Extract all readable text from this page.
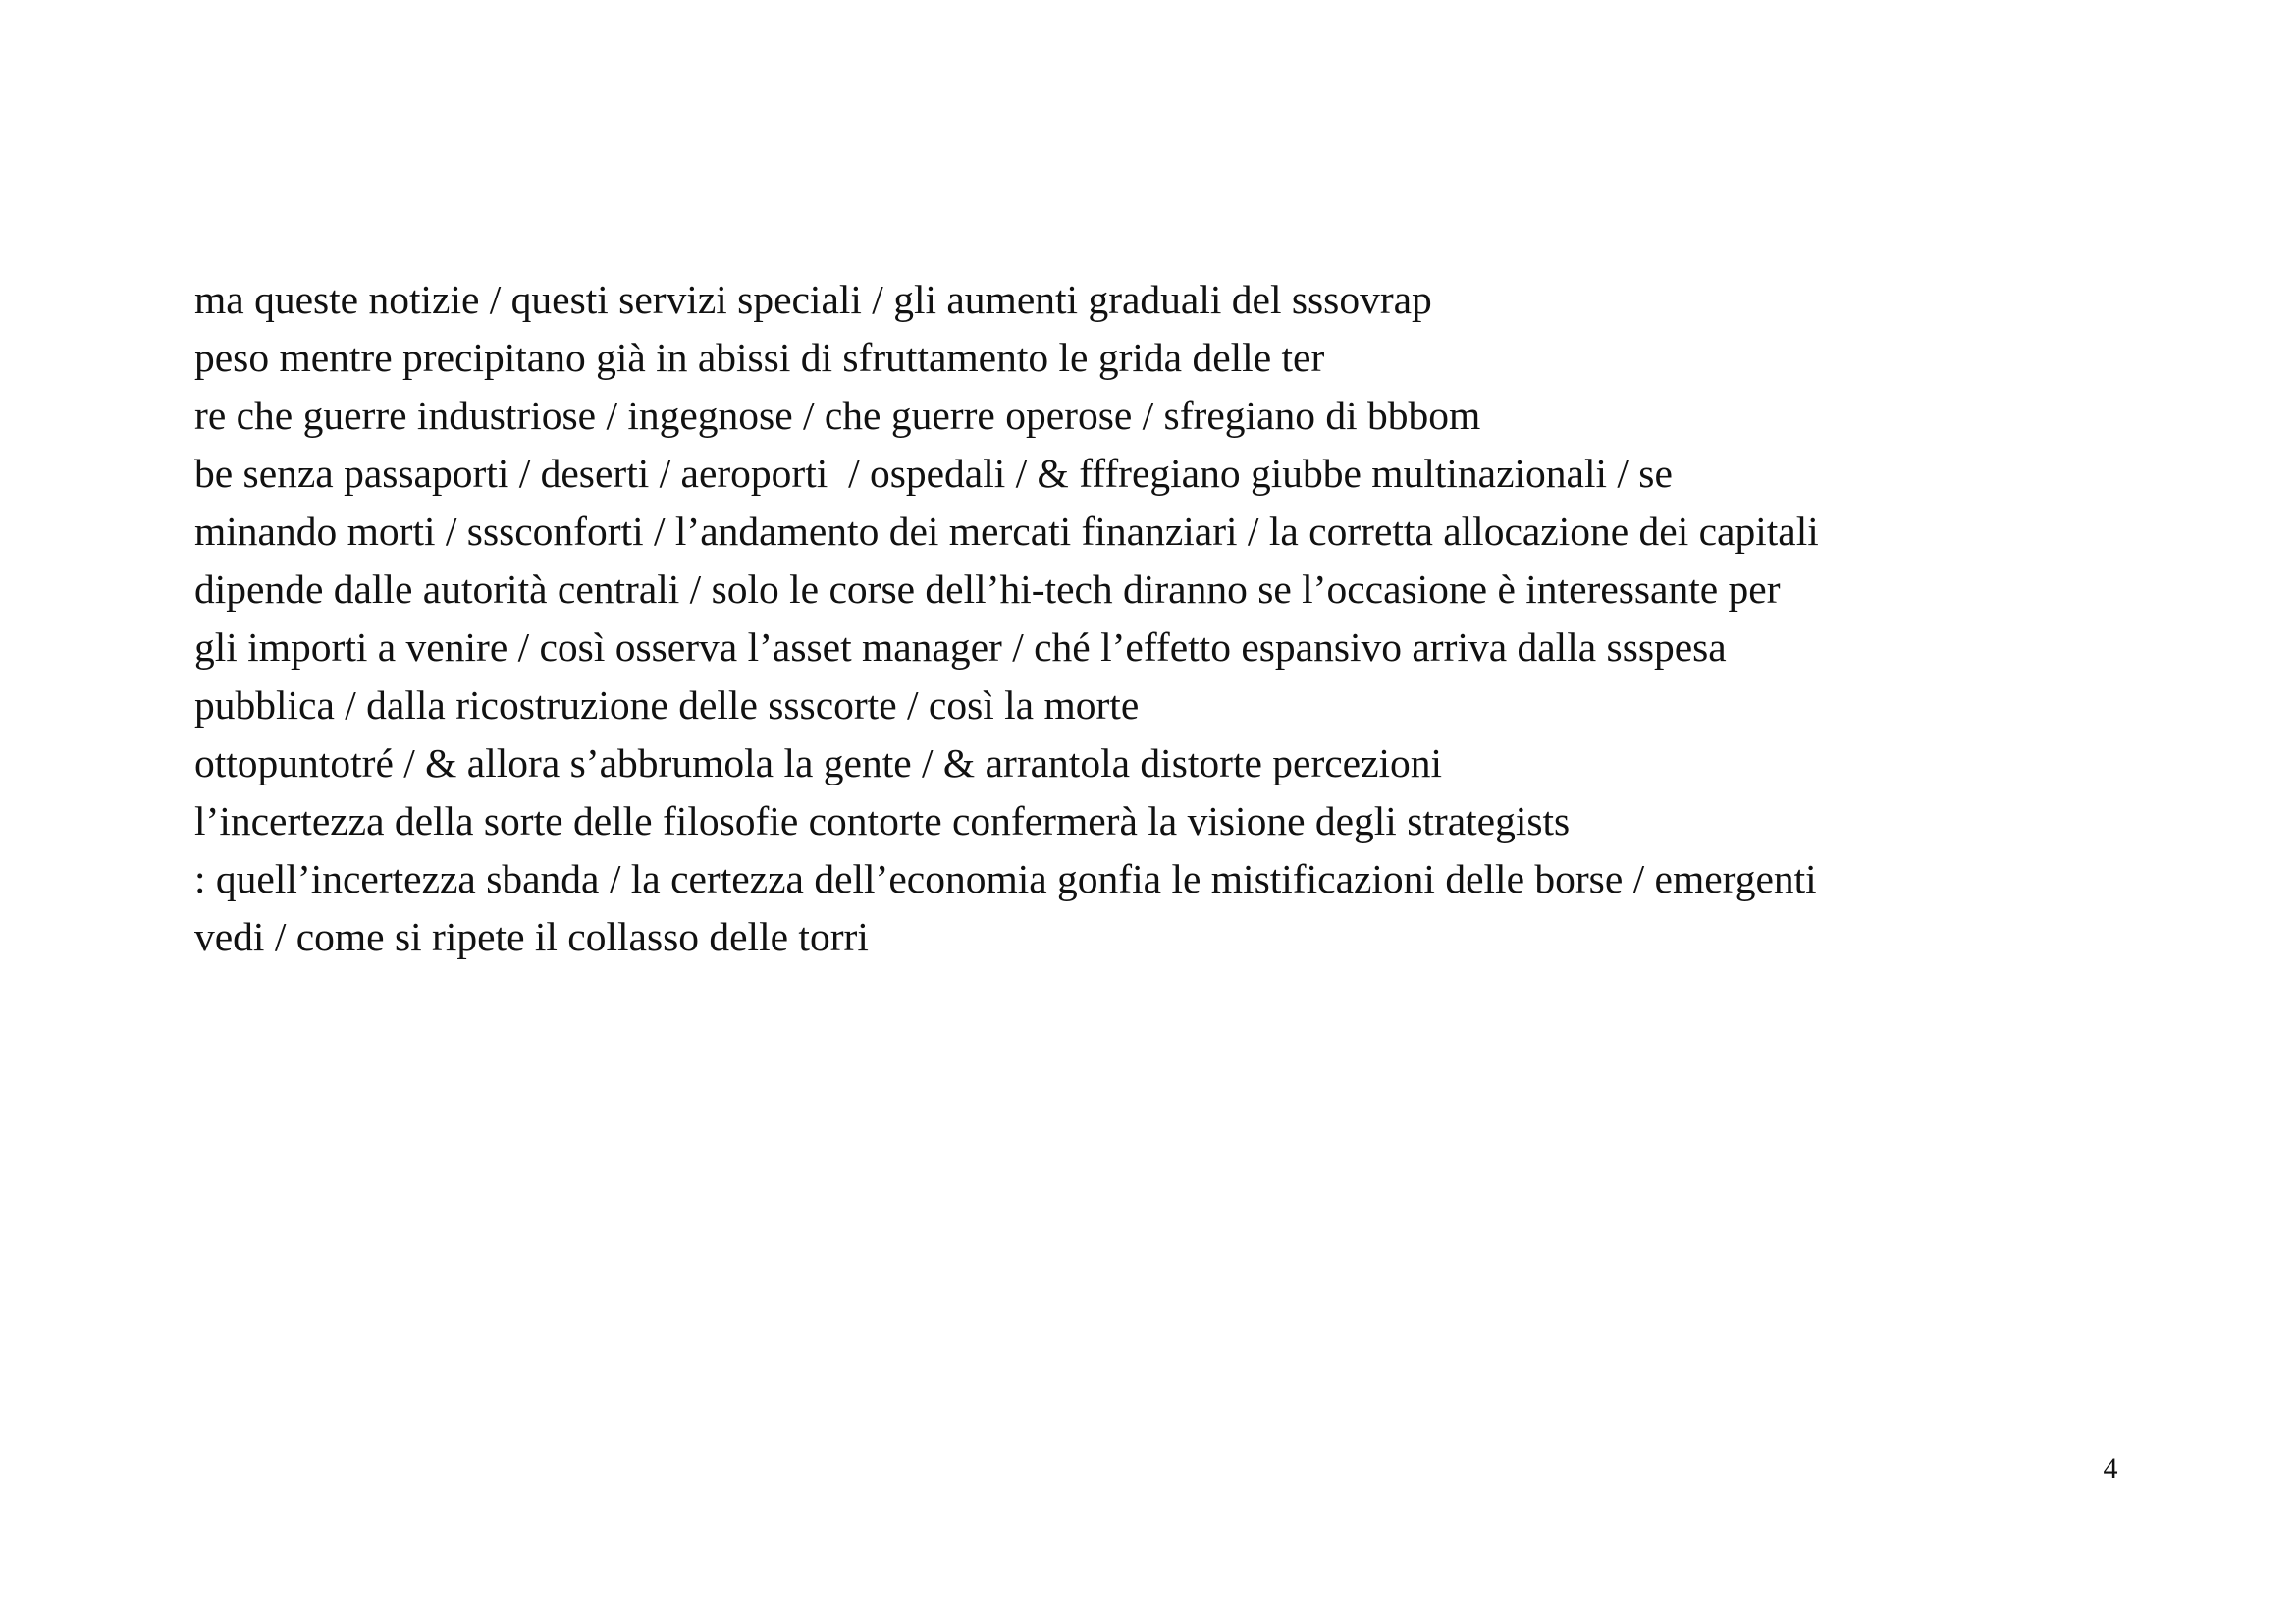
ma queste notizie / questi servizi speciali / gli aumenti graduali del sssovrap
peso mentre precipitano già in abissi di sfruttamento le grida delle ter
re che guerre industriose / ingegnose / che guerre operose / sfregiano di bbbom
be senza passaporti / deserti / aeroporti  / ospedali / & fffregiano giubbe multinazionali / se
minando morti / sssconforti / l’andamento dei mercati finanziari / la corretta allocazione dei capitali
dipende dalle autorità centrali / solo le corse dell’hi-tech diranno se l’occasione è interessante per
gli importi a venire / così osserva l’asset manager / ché l’effetto espansivo arriva dalla ssspesa
pubblica / dalla ricostruzione delle ssscorte / così la morte
ottopuntotré / & allora s’abbrumola la gente / & arrantola distorte percezioni
l’incertezza della sorte delle filosofie contorte confermerà la visione degli strategists
: quell’incertezza sbanda / la certezza dell’economia gonfia le mistificazioni delle borse / emergenti
vedi / come si ripete il collasso delle torri
4
